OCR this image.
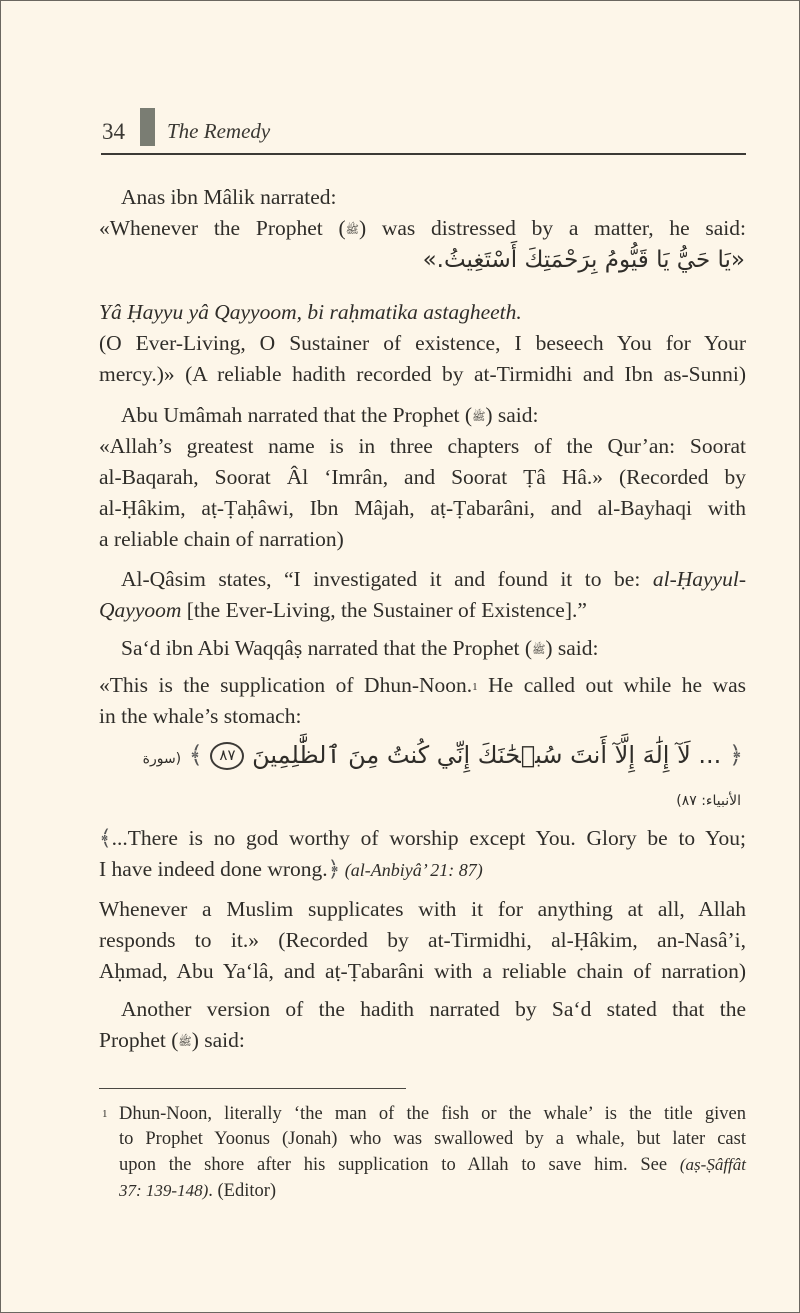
34 The Remedy
Anas ibn Mâlik narrated:
«Whenever the Prophet (ﷺ) was distressed by a matter, he said:
«يَا حَيُّ يَا قَيُّومُ بِرَحْمَتِكَ أَسْتَغِيثُ.»
Yâ Ḥayyu yâ Qayyoom, bi raḥmatika astagheeth.
(O Ever-Living, O Sustainer of existence, I beseech You for Your
mercy.)» (A reliable hadith recorded by at-Tirmidhi and Ibn as-Sunni)
Abu Umâmah narrated that the Prophet (ﷺ) said:
«Allah’s greatest name is in three chapters of the Qur’an: Soorat
al-Baqarah, Soorat Âl ‘Imrân, and Soorat Ṭâ Hâ.» (Recorded by
al-Ḥâkim, aṭ-Ṭaḥâwi, Ibn Mâjah, aṭ-Ṭabarâni, and al-Bayhaqi with
a reliable chain of narration)
Al-Qâsim states, “I investigated it and found it to be: al-Ḥayyul-
Qayyoom [the Ever-Living, the Sustainer of Existence].”
Sa‘d ibn Abi Waqqâṣ narrated that the Prophet (ﷺ) said:
«This is the supplication of Dhun-Noon.$^1$ He called out while he was
in the whale’s stomach:
﴿ ... لَآ إِلَٰهَ إِلَّآ أَنتَ سُبۡحَٰنَكَ إِنِّي كُنتُ مِنَ ٱلظَّٰلِمِينَ ٨٧ ﴾ (سورة
الأنبياء: ٨٧)
﴾...There is no god worthy of worship except You. Glory be to You;
I have indeed done wrong.﴿ (al-Anbiyâ’ 21: 87)
Whenever a Muslim supplicates with it for anything at all, Allah
responds to it.» (Recorded by at-Tirmidhi, al-Ḥâkim, an-Nasâ’i,
Aḥmad, Abu Ya‘lâ, and aṭ-Ṭabarâni with a reliable chain of narration)
Another version of the hadith narrated by Sa‘d stated that the
Prophet (ﷺ) said:
1 Dhun-Noon, literally ‘the man of the fish or the whale’ is the title given
to Prophet Yoonus (Jonah) who was swallowed by a whale, but later cast
upon the shore after his supplication to Allah to save him. See (aṣ-Ṣâffât
37: 139-148). (Editor)
